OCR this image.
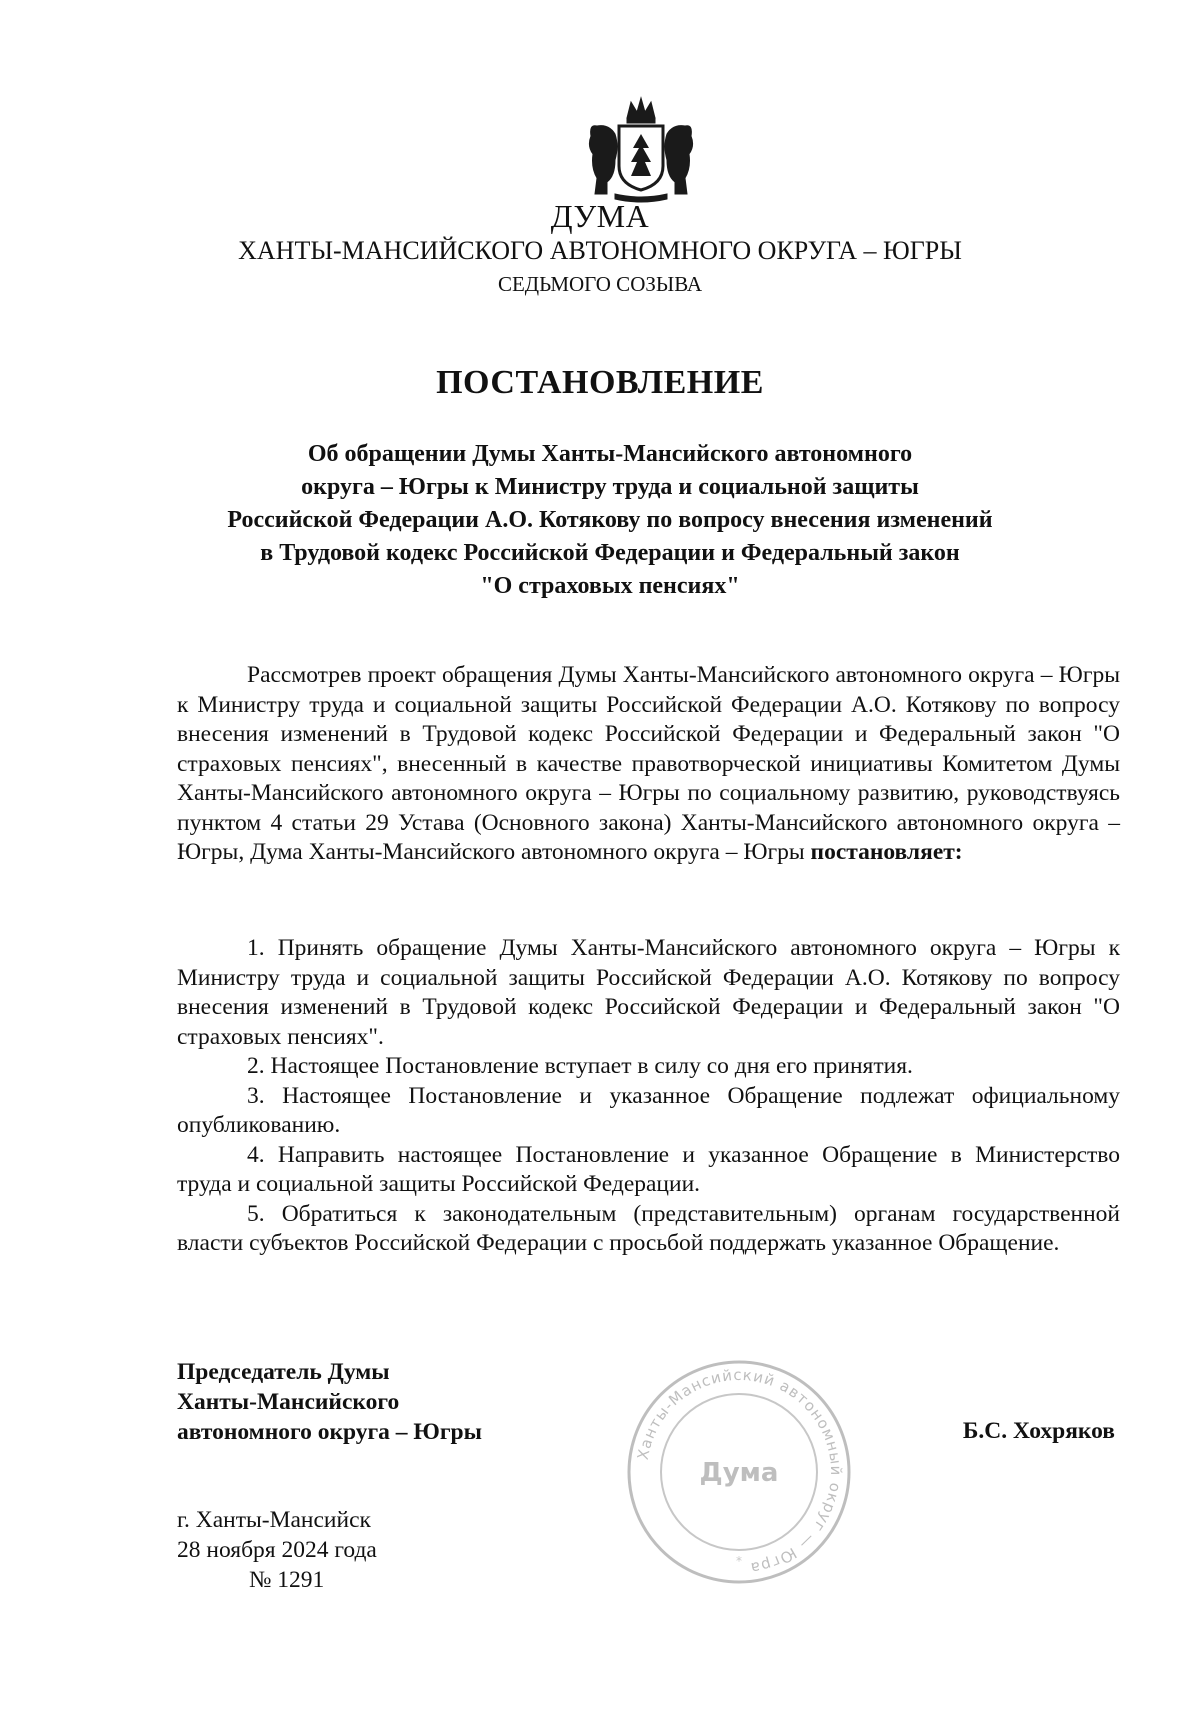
ДУМА
ХАНТЫ-МАНСИЙСКОГО АВТОНОМНОГО ОКРУГА – ЮГРЫ
СЕДЬМОГО СОЗЫВА
ПОСТАНОВЛЕНИЕ
Об обращении Думы Ханты-Мансийского автономного
округа – Югры к Министру труда и социальной защиты
Российской Федерации А.О. Котякову по вопросу внесения изменений
в Трудовой кодекс Российской Федерации и Федеральный закон
"О страховых пенсиях"

Рассмотрев проект обращения Думы Ханты-Мансийского автономного округа – Югры к Министру труда и социальной защиты Российской Федерации А.О. Котякову по вопросу внесения изменений в Трудовой кодекс Российской Федерации и Федеральный закон "О страховых пенсиях", внесенный в качестве правотворческой инициативы Комитетом Думы Ханты-Мансийского автономного округа – Югры по социальному развитию, руководствуясь пунктом 4 статьи 29 Устава (Основного закона) Ханты-Мансийского автономного округа – Югры, Дума Ханты-Мансийского автономного округа – Югры постановляет:

1. Принять обращение Думы Ханты-Мансийского автономного округа – Югры к Министру труда и социальной защиты Российской Федерации А.О. Котякову по вопросу внесения изменений в Трудовой кодекс Российской Федерации и Федеральный закон "О страховых пенсиях".

2. Настоящее Постановление вступает в силу со дня его принятия.

3. Настоящее Постановление и указанное Обращение подлежат официальному опубликованию.

4. Направить настоящее Постановление и указанное Обращение в Министерство труда и социальной защиты Российской Федерации.

5. Обратиться к законодательным (представительным) органам государственной власти субъектов Российской Федерации с просьбой поддержать указанное Обращение.

Председатель Думы
Ханты-Мансийского
автономного округа – Югры
Ханты-Мансийский автономный округ — Югра
Дума
*
Б.С. Хохряков
г. Ханты-Мансийск
28 ноября 2024 года
№ 1291
